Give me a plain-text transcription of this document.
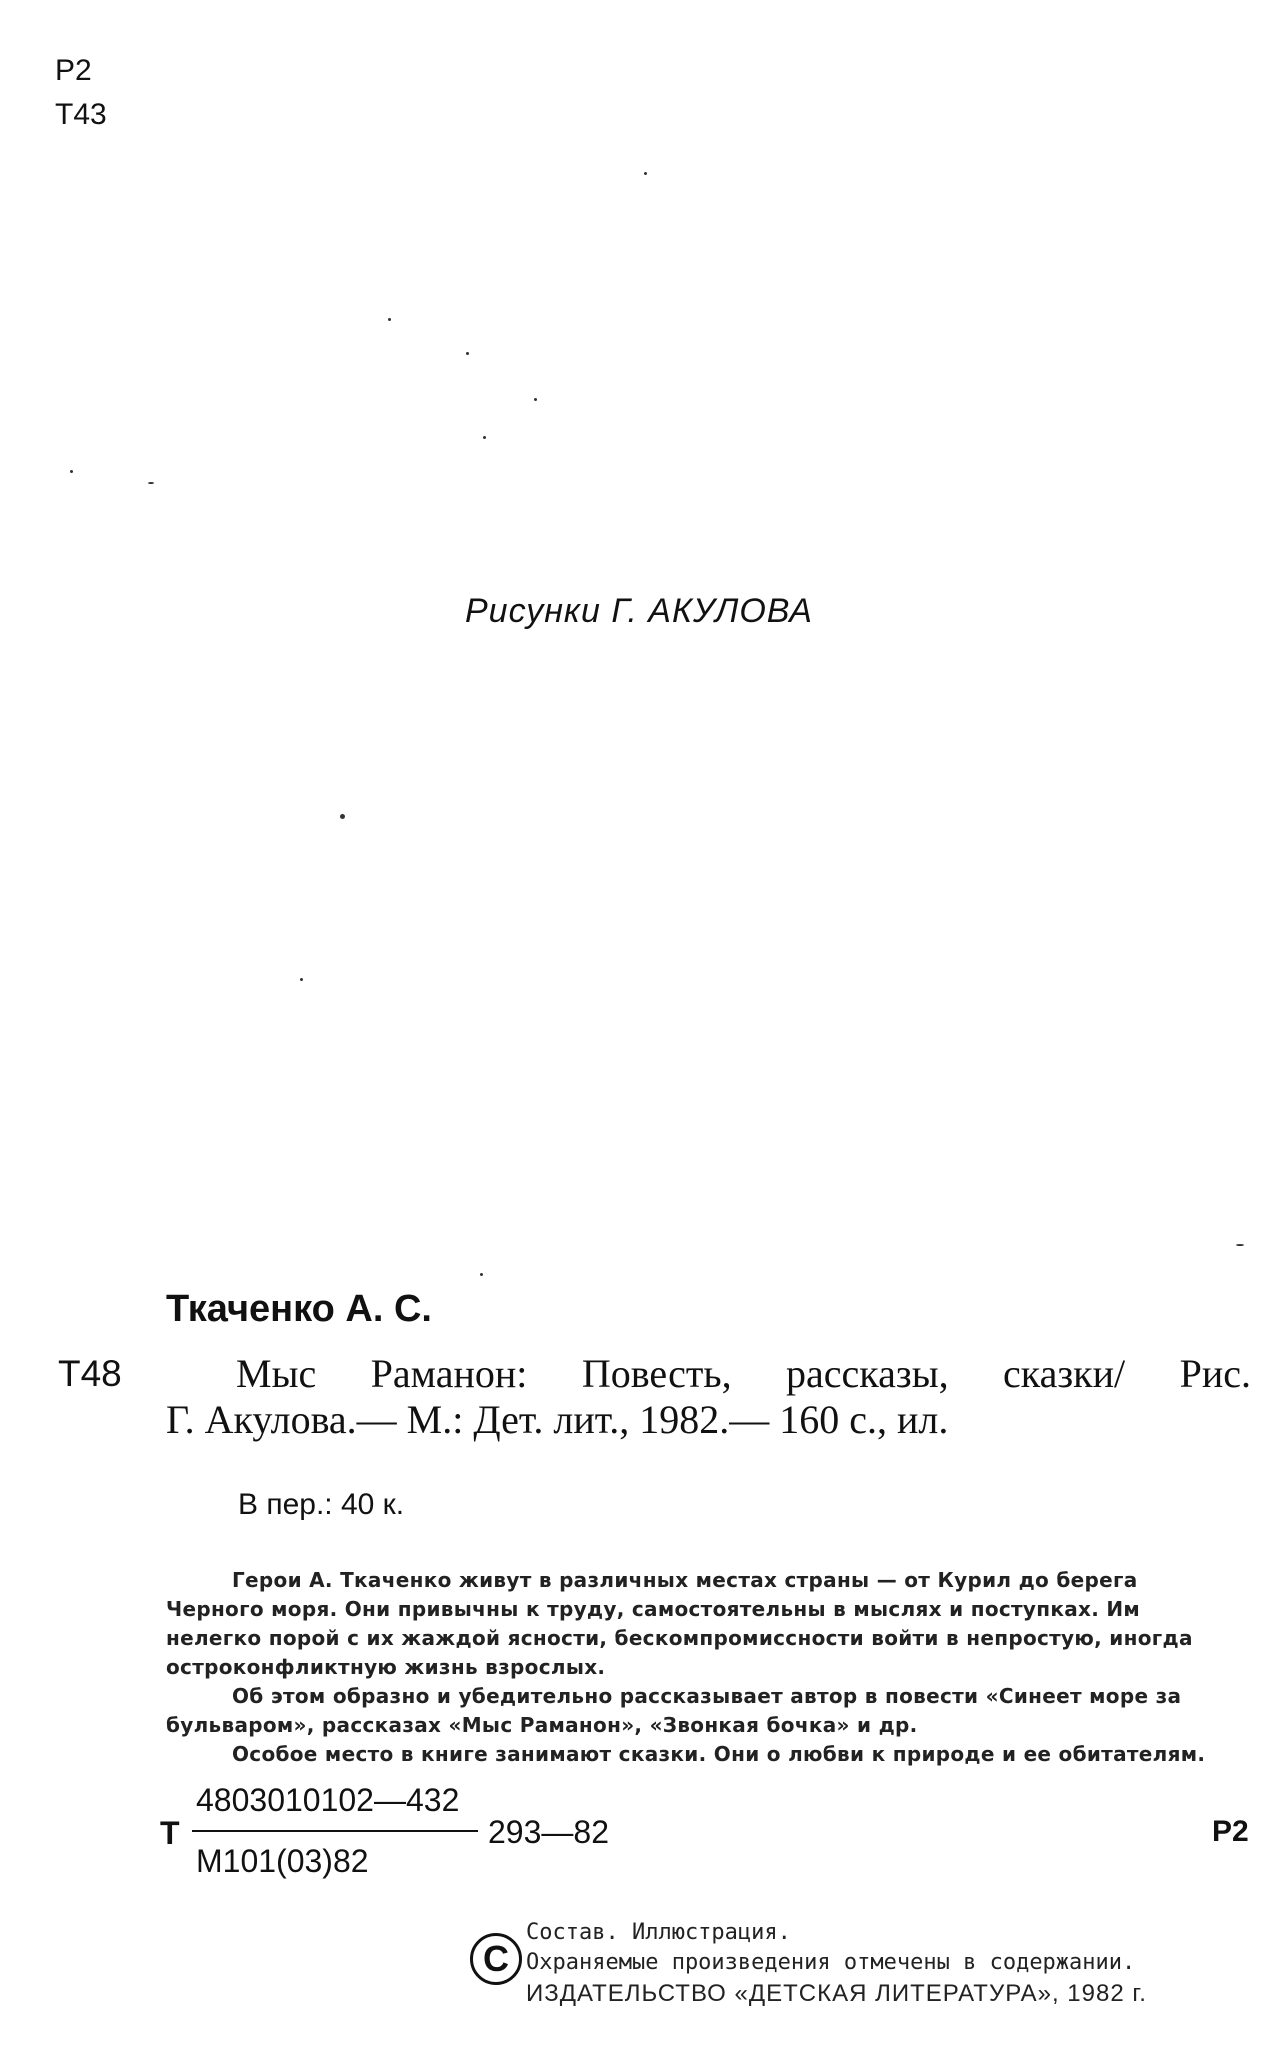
Р2
Т43
Рисунки Г. АКУЛОВА
Ткаченко А. С.
Т48	Мыс Раманон: Повесть, рассказы, сказки/ Рис.
Г. Акулова.— М.: Дет. лит., 1982.— 160 с., ил.
В пер.: 40 к.
Герои А. Ткаченко живут в различных местах страны — от Курил до берега
Черного моря. Они привычны к труду, самостоятельны в мыслях и поступках. Им
нелегко порой с их жаждой ясности, бескомпромиссности войти в непростую, иногда
остроконфликтную жизнь взрослых.
Об этом образно и убедительно рассказывает автор в повести «Синеет море за
бульваром», рассказах «Мыс Раманон», «Звонкая бочка» и др.
Особое место в книге занимают сказки. Они о любви к природе и ее обитателям.
Т
4803010102—432
М101(03)82
293—82	Р2
C
Состав. Иллюстрация.
Охраняемые произведения отмечены в содержании.
ИЗДАТЕЛЬСТВО «ДЕТСКАЯ ЛИТЕРАТУРА», 1982 г.
